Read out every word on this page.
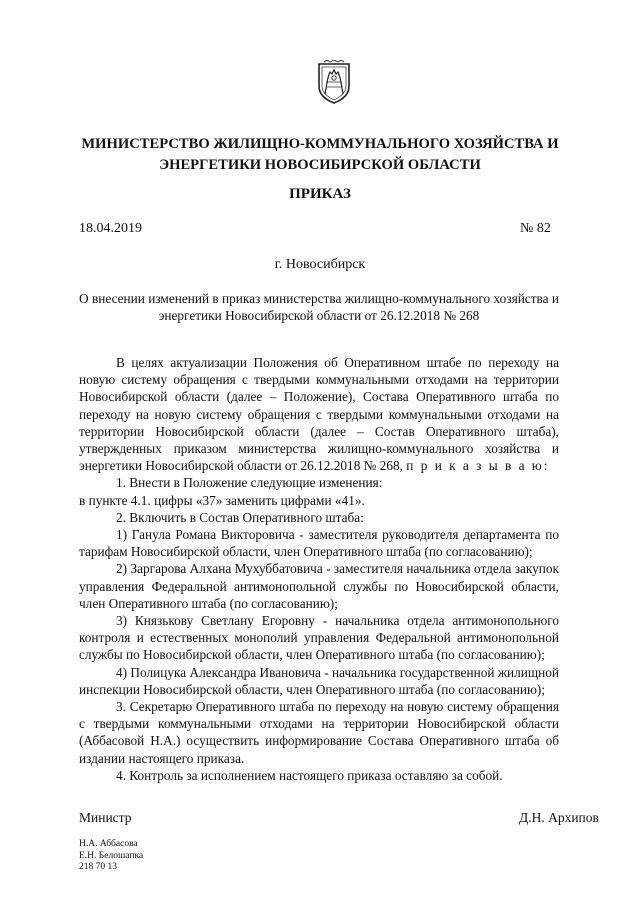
МИНИСТЕРСТВО ЖИЛИЩНО-КОММУНАЛЬНОГО ХОЗЯЙСТВА И
ЭНЕРГЕТИКИ НОВОСИБИРСКОЙ ОБЛАСТИ
ПРИКАЗ
18.04.2019	№ 82
г. Новосибирск
О внесении изменений в приказ министерства жилищно-коммунального хозяйства и
энергетики Новосибирской области от 26.12.2018 № 268

В целях актуализации Положения об Оперативном штабе по переходу на новую систему обращения с твердыми коммунальными отходами на территории Новосибирской области (далее – Положение), Состава Оперативного штаба по переходу на новую систему обращения с твердыми коммунальными отходами на территории Новосибирской области (далее – Состав Оперативного штаба), утвержденных приказом министерства жилищно-коммунального хозяйства и энергетики Новосибирской области от 26.12.2018 № 268, п р и к а з ы в а ю:

1. Внести в Положение следующие изменения:

в пункте 4.1. цифры «37» заменить цифрами «41».

2. Включить в Состав Оперативного штаба:

1) Ганула Романа Викторовича - заместителя руководителя департамента по тарифам Новосибирской области, член Оперативного штаба (по согласованию);

2) Заргарова Алхана Мухуббатовича - заместителя начальника отдела закупок управления Федеральной антимонопольной службы по Новосибирской области, член Оперативного штаба (по согласованию);

3) Князькову Светлану Егоровну - начальника отдела антимонопольного контроля и естественных монополий управления Федеральной антимонопольной службы по Новосибирской области, член Оперативного штаба (по согласованию);

4) Полицука Александра Ивановича - начальника государственной жилищной инспекции Новосибирской области, член Оперативного штаба (по согласованию);

3. Секретарю Оперативного штаба по переходу на новую систему обращения с твердыми коммунальными отходами на территории Новосибирской области (Аббасовой Н.А.) осуществить информирование Состава Оперативного штаба об издании настоящего приказа.

4. Контроль за исполнением настоящего приказа оставляю за собой.

Министр	Д.Н. Архипов
Н.А. Аббасова
Е.Н. Белошапка
218 70 13
